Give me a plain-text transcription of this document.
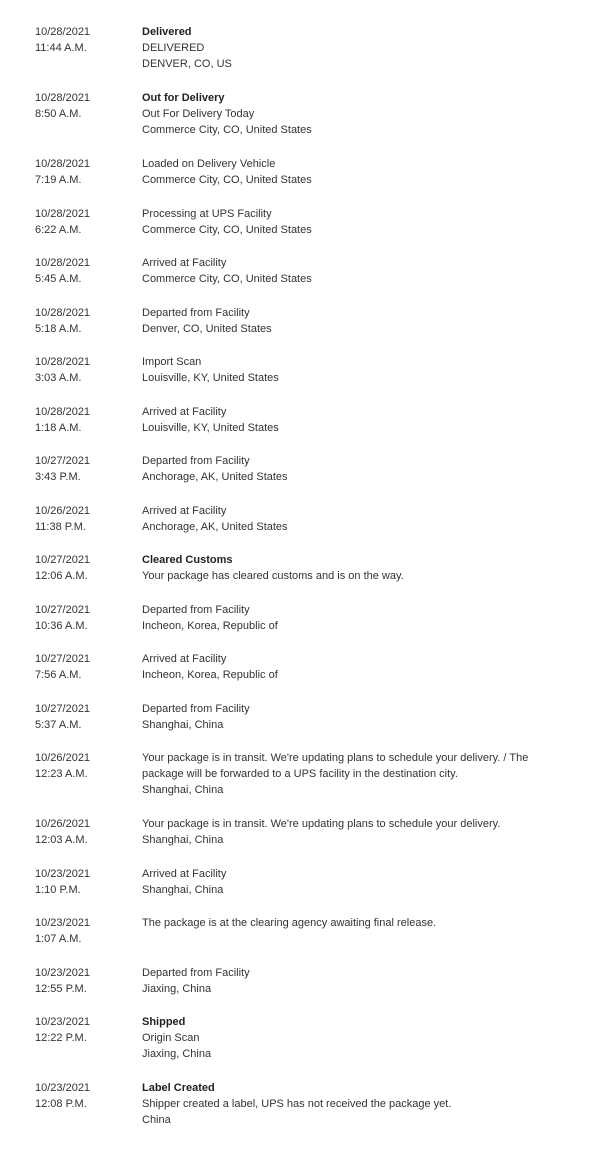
10/28/2021
11:44 A.M.
Delivered
DELIVERED
DENVER, CO, US
10/28/2021
8:50 A.M.
Out for Delivery
Out For Delivery Today
Commerce City, CO, United States
10/28/2021
7:19 A.M.
Loaded on Delivery Vehicle
Commerce City, CO, United States
10/28/2021
6:22 A.M.
Processing at UPS Facility
Commerce City, CO, United States
10/28/2021
5:45 A.M.
Arrived at Facility
Commerce City, CO, United States
10/28/2021
5:18 A.M.
Departed from Facility
Denver, CO, United States
10/28/2021
3:03 A.M.
Import Scan
Louisville, KY, United States
10/28/2021
1:18 A.M.
Arrived at Facility
Louisville, KY, United States
10/27/2021
3:43 P.M.
Departed from Facility
Anchorage, AK, United States
10/26/2021
11:38 P.M.
Arrived at Facility
Anchorage, AK, United States
10/27/2021
12:06 A.M.
Cleared Customs
Your package has cleared customs and is on the way.
10/27/2021
10:36 A.M.
Departed from Facility
Incheon, Korea, Republic of
10/27/2021
7:56 A.M.
Arrived at Facility
Incheon, Korea, Republic of
10/27/2021
5:37 A.M.
Departed from Facility
Shanghai, China
10/26/2021
12:23 A.M.
Your package is in transit. We're updating plans to schedule your delivery. / The package will be forwarded to a UPS facility in the destination city.
Shanghai, China
10/26/2021
12:03 A.M.
Your package is in transit. We're updating plans to schedule your delivery.
Shanghai, China
10/23/2021
1:10 P.M.
Arrived at Facility
Shanghai, China
10/23/2021
1:07 A.M.
The package is at the clearing agency awaiting final release.
10/23/2021
12:55 P.M.
Departed from Facility
Jiaxing, China
10/23/2021
12:22 P.M.
Shipped
Origin Scan
Jiaxing, China
10/23/2021
12:08 P.M.
Label Created
Shipper created a label, UPS has not received the package yet.
China
